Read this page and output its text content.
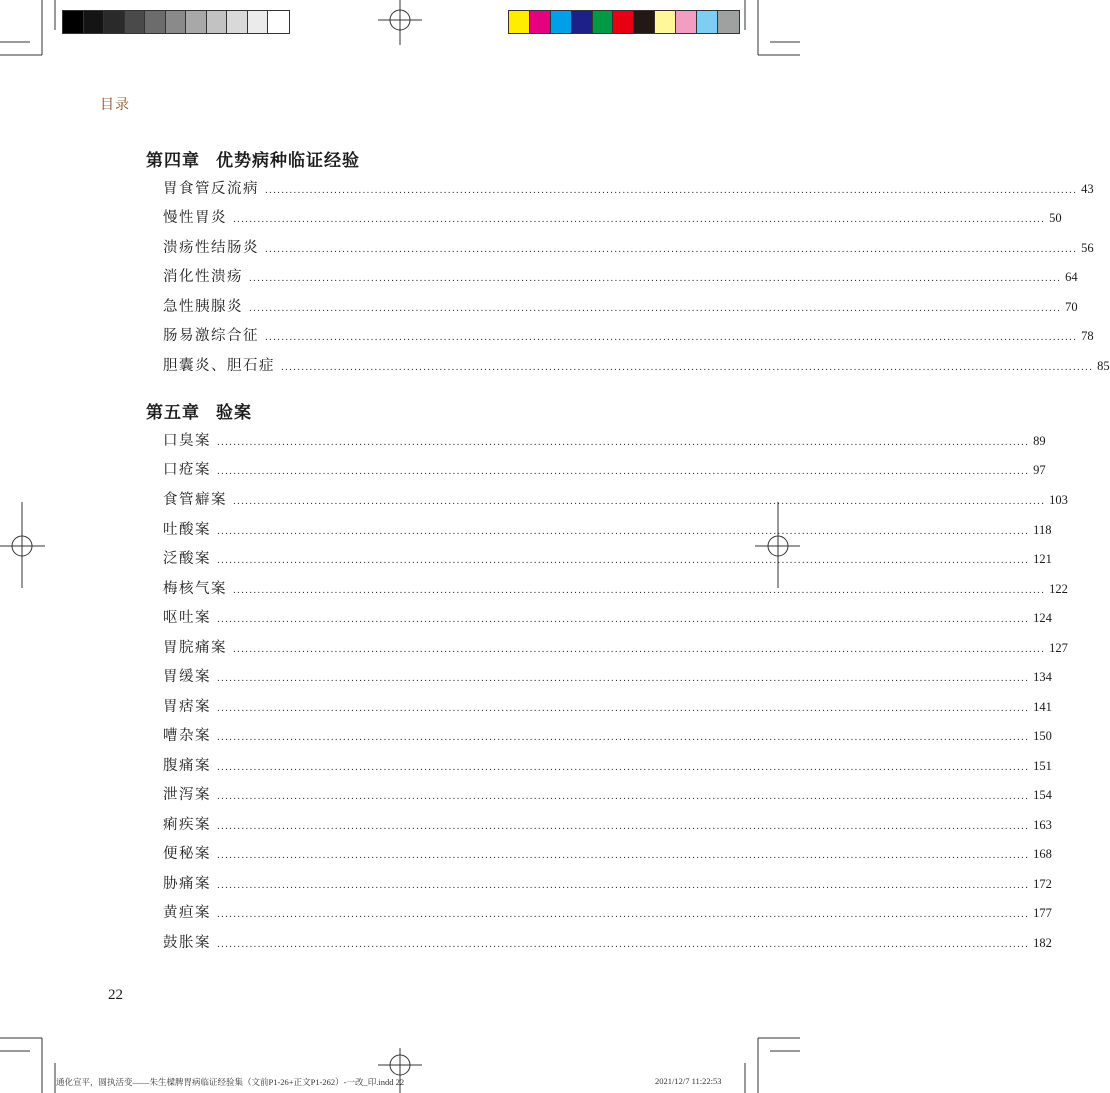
目录
第四章 优势病种临证经验
第五章 验案
胃食管反流病 ........................................................................................................................................................................................................ 43
慢性胃炎 ........................................................................................................................................................................................................ 50
溃疡性结肠炎 ........................................................................................................................................................................................................ 56
消化性溃疡 ........................................................................................................................................................................................................ 64
急性胰腺炎 ........................................................................................................................................................................................................ 70
肠易激综合征 ........................................................................................................................................................................................................ 78
胆囊炎、胆石症 ........................................................................................................................................................................................................ 85
口臭案 ........................................................................................................................................................................................................ 89
口疮案 ........................................................................................................................................................................................................ 97
食管癖案 ........................................................................................................................................................................................................ 103
吐酸案 ........................................................................................................................................................................................................ 118
泛酸案 ........................................................................................................................................................................................................ 121
梅核气案 ........................................................................................................................................................................................................ 122
呕吐案 ........................................................................................................................................................................................................ 124
胃脘痛案 ........................................................................................................................................................................................................ 127
胃缓案 ........................................................................................................................................................................................................ 134
胃痞案 ........................................................................................................................................................................................................ 141
嘈杂案 ........................................................................................................................................................................................................ 150
腹痛案 ........................................................................................................................................................................................................ 151
泄泻案 ........................................................................................................................................................................................................ 154
痢疾案 ........................................................................................................................................................................................................ 163
便秘案 ........................................................................................................................................................................................................ 168
胁痛案 ........................................................................................................................................................................................................ 172
黄疸案 ........................................................................................................................................................................................................ 177
鼓胀案 ........................................................................................................................................................................................................ 182
22
通化宣平，圆执活变——朱生樑脾胃病临证经验集（文前P1-26+正文P1-262）-一改_印.indd 22	2021/12/7 11:22:53
